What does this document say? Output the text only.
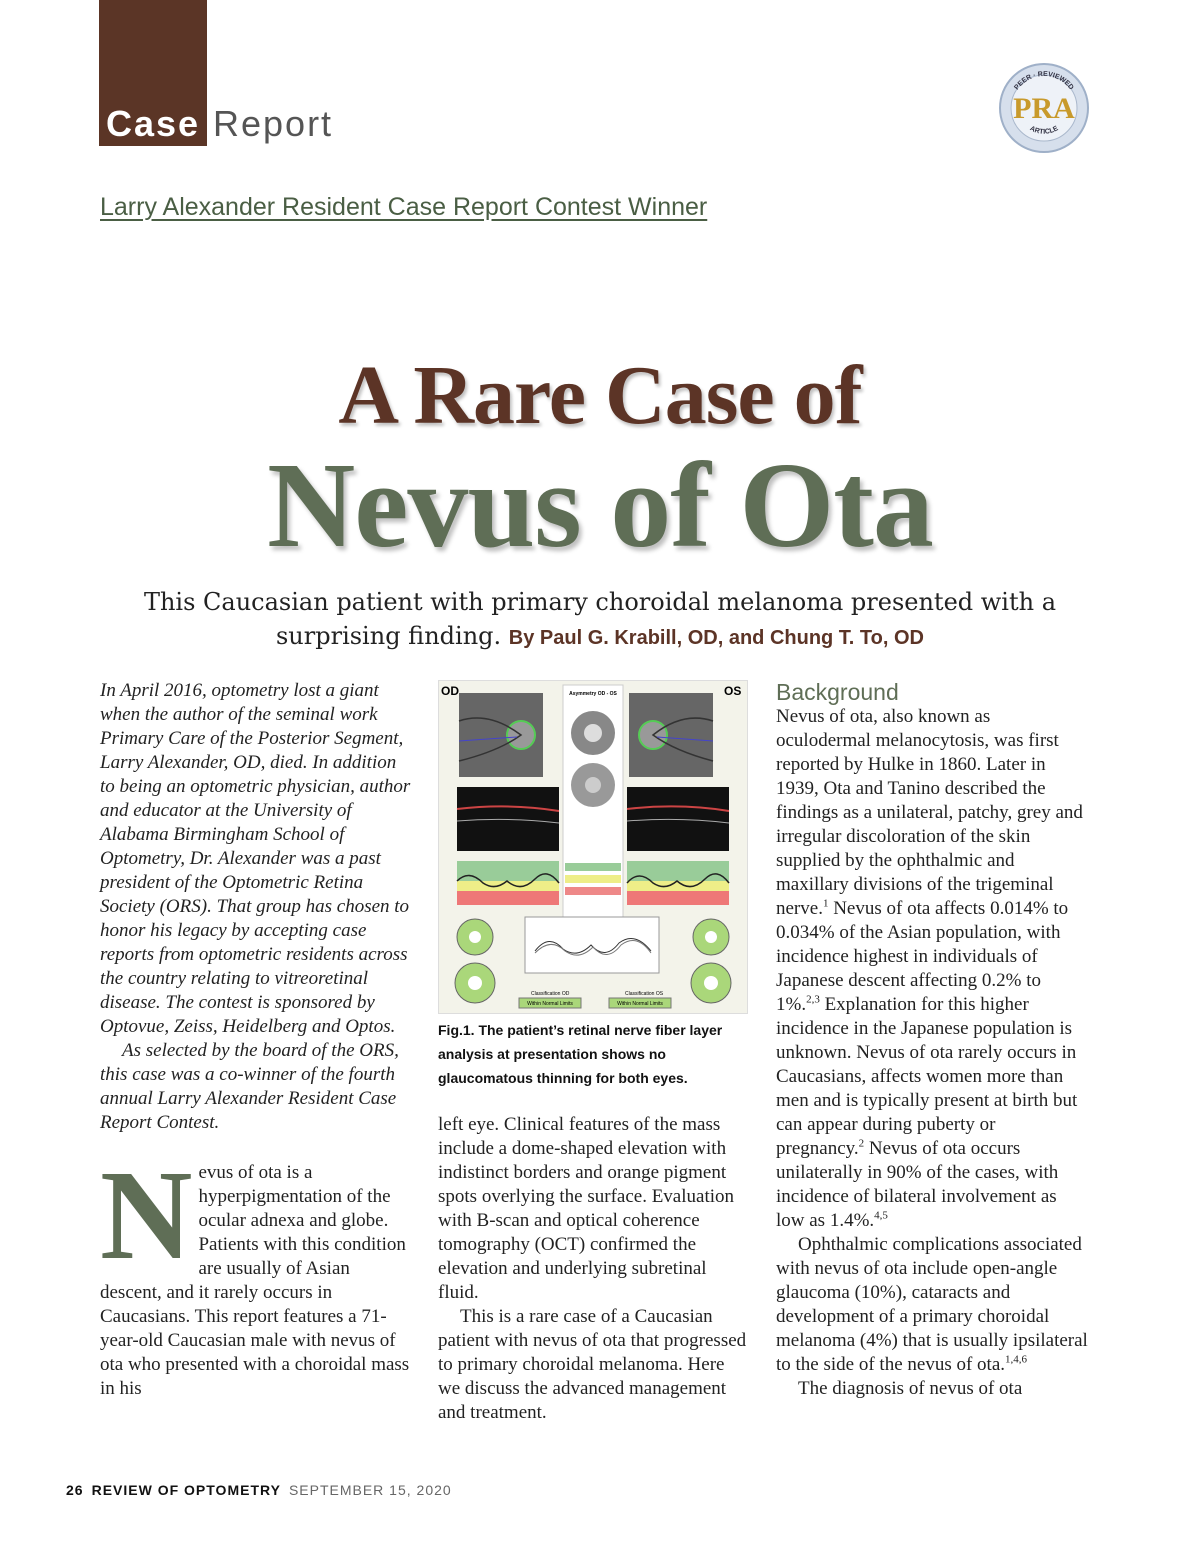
Case Report
Larry Alexander Resident Case Report Contest Winner
PEER · REVIEWED
ARTICLE
PRA
A Rare Case of
Nevus of Ota
This Caucasian patient with primary choroidal melanoma presented with a surprising finding. By Paul G. Krabill, OD, and Chung T. To, OD

In April 2016, optometry lost a giant when the author of the seminal work Primary Care of the Posterior Segment, Larry Alexander, OD, died. In addition to being an optometric physician, author and educator at the University of Alabama Birmingham School of Optometry, Dr. Alexander was a past president of the Optometric Retina Society (ORS). That group has chosen to honor his legacy by accepting case reports from optometric residents across the country relating to vitreoretinal disease. The contest is sponsored by Optovue, Zeiss, Heidelberg and Optos.

As selected by the board of the ORS, this case was a co-winner of the fourth annual Larry Alexander Resident Case Report Contest.

Nevus of ota is a hyperpigmentation of the ocular adnexa and globe. Patients with this condition are usually of Asian descent, and it rarely occurs in Caucasians. This report features a 71-year-old Caucasian male with nevus of ota who presented with a choroidal mass in his

OD	OS
Asymmetry OD - OS
Classification OD	Classification OS
Within Normal Limits	Within Normal Limits
Fig.1. The patient’s retinal nerve fiber layer analysis at presentation shows no glaucomatous thinning for both eyes.

left eye. Clinical features of the mass include a dome-shaped elevation with indistinct borders and orange pigment spots overlying the surface. Evaluation with B-scan and optical coherence tomography (OCT) confirmed the elevation and underlying subretinal fluid.

This is a rare case of a Caucasian patient with nevus of ota that progressed to primary choroidal melanoma. Here we discuss the advanced management and treatment.

Background

Nevus of ota, also known as oculodermal melanocytosis, was first reported by Hulke in 1860. Later in 1939, Ota and Tanino described the findings as a unilateral, patchy, grey and irregular discoloration of the skin supplied by the ophthalmic and maxillary divisions of the trigeminal nerve.$^1$ Nevus of ota affects 0.014% to 0.034% of the Asian population, with incidence highest in individuals of Japanese descent affecting 0.2% to 1%.$^{2,3}$ Explanation for this higher incidence in the Japanese population is unknown. Nevus of ota rarely occurs in Caucasians, affects women more than men and is typically present at birth but can appear during puberty or pregnancy.$^2$ Nevus of ota occurs unilaterally in 90% of the cases, with incidence of bilateral involvement as low as 1.4%.$^{4,5}$

Ophthalmic complications associated with nevus of ota include open-angle glaucoma (10%), cataracts and development of a primary choroidal melanoma (4%) that is usually ipsilateral to the side of the nevus of ota.$^{1,4,6}$

The diagnosis of nevus of ota

26 REVIEW OF OPTOMETRY SEPTEMBER 15, 2020
